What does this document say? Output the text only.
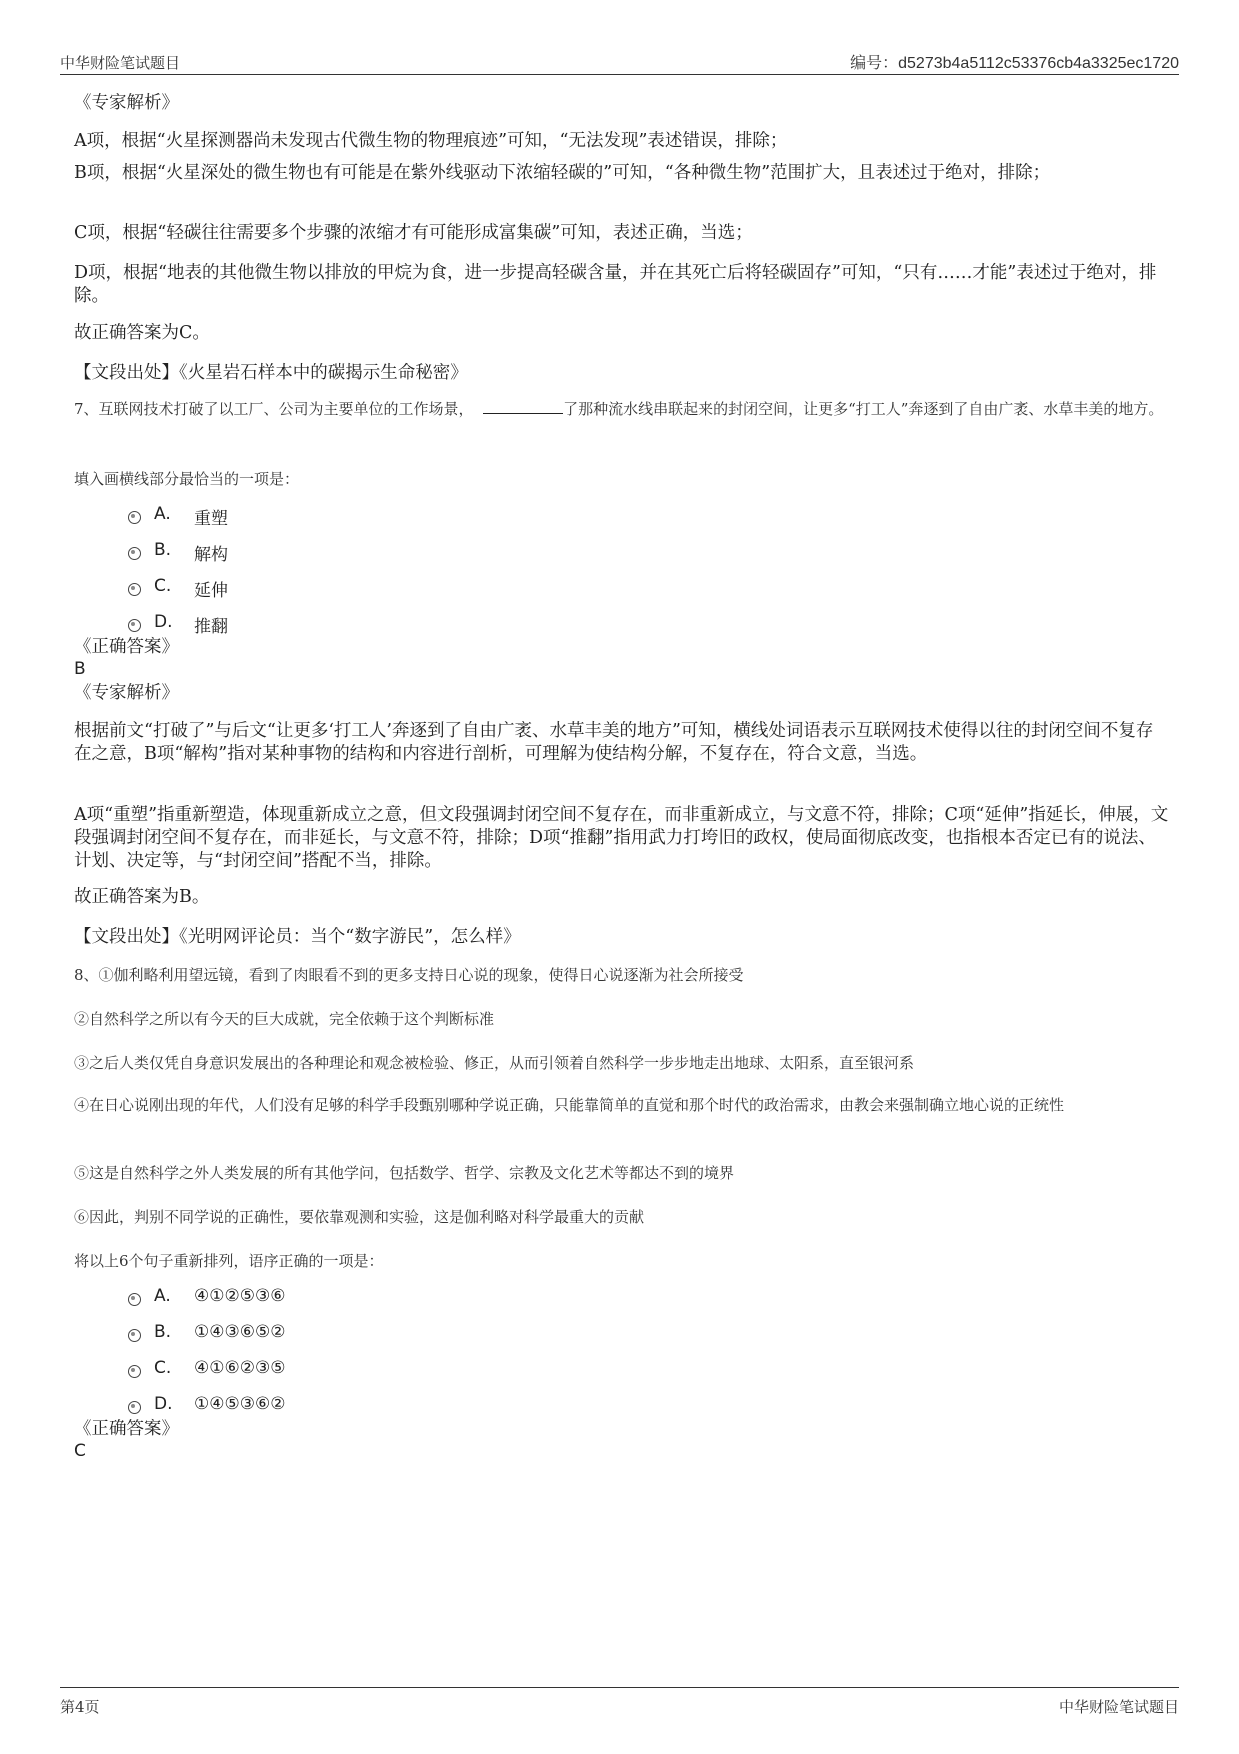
中华财险笔试题目	编号：d5273b4a5112c53376cb4a3325ec1720

《专家解析》

A项，根据“火星探测器尚未发现古代微生物的物理痕迹”可知，“无法发现”表述错误，排除；

B项，根据“火星深处的微生物也有可能是在紫外线驱动下浓缩轻碳的”可知，“各种微生物”范围扩大，且表述过于绝对，排除；

C项，根据“轻碳往往需要多个步骤的浓缩才有可能形成富集碳”可知，表述正确，当选；

D项，根据“地表的其他微生物以排放的甲烷为食，进一步提高轻碳含量，并在其死亡后将轻碳固存”可知，“只有……才能”表述过于绝对，排除。

故正确答案为C。

【文段出处】《火星岩石样本中的碳揭示生命秘密》

7、互联网技术打破了以工厂、公司为主要单位的工作场景，	了那种流水线串联起来的封闭空间，让更多“打工人”奔逐到了自由广袤、水草丰美的地方。

填入画横线部分最恰当的一项是：

A. 重塑
B. 解构
C. 延伸
D. 推翻

《正确答案》

B

《专家解析》

根据前文“打破了”与后文“让更多‘打工人’奔逐到了自由广袤、水草丰美的地方”可知，横线处词语表示互联网技术使得以往的封闭空间不复存在之意，B项“解构”指对某种事物的结构和内容进行剖析，可理解为使结构分解，不复存在，符合文意，当选。

A项“重塑”指重新塑造，体现重新成立之意，但文段强调封闭空间不复存在，而非重新成立，与文意不符，排除；C项“延伸”指延长，伸展，文段强调封闭空间不复存在，而非延长，与文意不符，排除；D项“推翻”指用武力打垮旧的政权，使局面彻底改变，也指根本否定已有的说法、计划、决定等，与“封闭空间”搭配不当，排除。

故正确答案为B。

【文段出处】《光明网评论员：当个“数字游民”，怎么样》

8、①伽利略利用望远镜，看到了肉眼看不到的更多支持日心说的现象，使得日心说逐渐为社会所接受

②自然科学之所以有今天的巨大成就，完全依赖于这个判断标准

③之后人类仅凭自身意识发展出的各种理论和观念被检验、修正，从而引领着自然科学一步步地走出地球、太阳系，直至银河系

④在日心说刚出现的年代，人们没有足够的科学手段甄别哪种学说正确，只能靠简单的直觉和那个时代的政治需求，由教会来强制确立地心说的正统性

⑤这是自然科学之外人类发展的所有其他学问，包括数学、哲学、宗教及文化艺术等都达不到的境界

⑥因此，判别不同学说的正确性，要依靠观测和实验，这是伽利略对科学最重大的贡献

将以上6个句子重新排列，语序正确的一项是：

A. ④①②⑤③⑥
B. ①④③⑥⑤②
C. ④①⑥②③⑤
D. ①④⑤③⑥②

《正确答案》

C

第4页	中华财险笔试题目
